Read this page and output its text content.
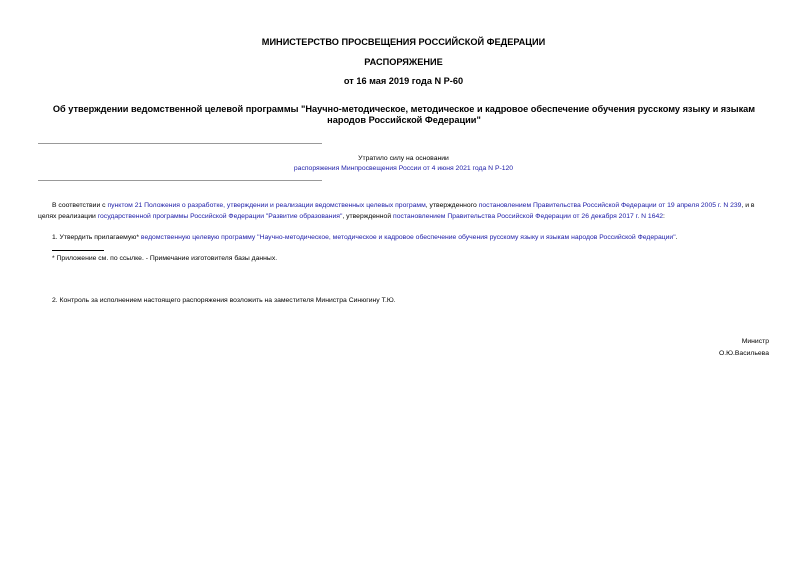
МИНИСТЕРСТВО ПРОСВЕЩЕНИЯ РОССИЙСКОЙ ФЕДЕРАЦИИ
РАСПОРЯЖЕНИЕ
от 16 мая 2019 года N Р-60
Об утверждении ведомственной целевой программы "Научно-методическое, методическое и кадровое обеспечение обучения русскому языку и языкам народов Российской Федерации"
Утратило силу на основании
распоряжения Минпросвещения России от 4 июня 2021 года N Р-120
В соответствии с пунктом 21 Положения о разработке, утверждении и реализации ведомственных целевых программ, утвержденного постановлением Правительства Российской Федерации от 19 апреля 2005 г. N 239, и в целях реализации государственной программы Российской Федерации "Развитие образования", утвержденной постановлением Правительства Российской Федерации от 26 декабря 2017 г. N 1642:
1. Утвердить прилагаемую* ведомственную целевую программу "Научно-методическое, методическое и кадровое обеспечение обучения русскому языку и языкам народов Российской Федерации".
* Приложение см. по ссылке. - Примечание изготовителя базы данных.
2. Контроль за исполнением настоящего распоряжения возложить на заместителя Министра Синюгину Т.Ю.
Министр
О.Ю.Васильева
